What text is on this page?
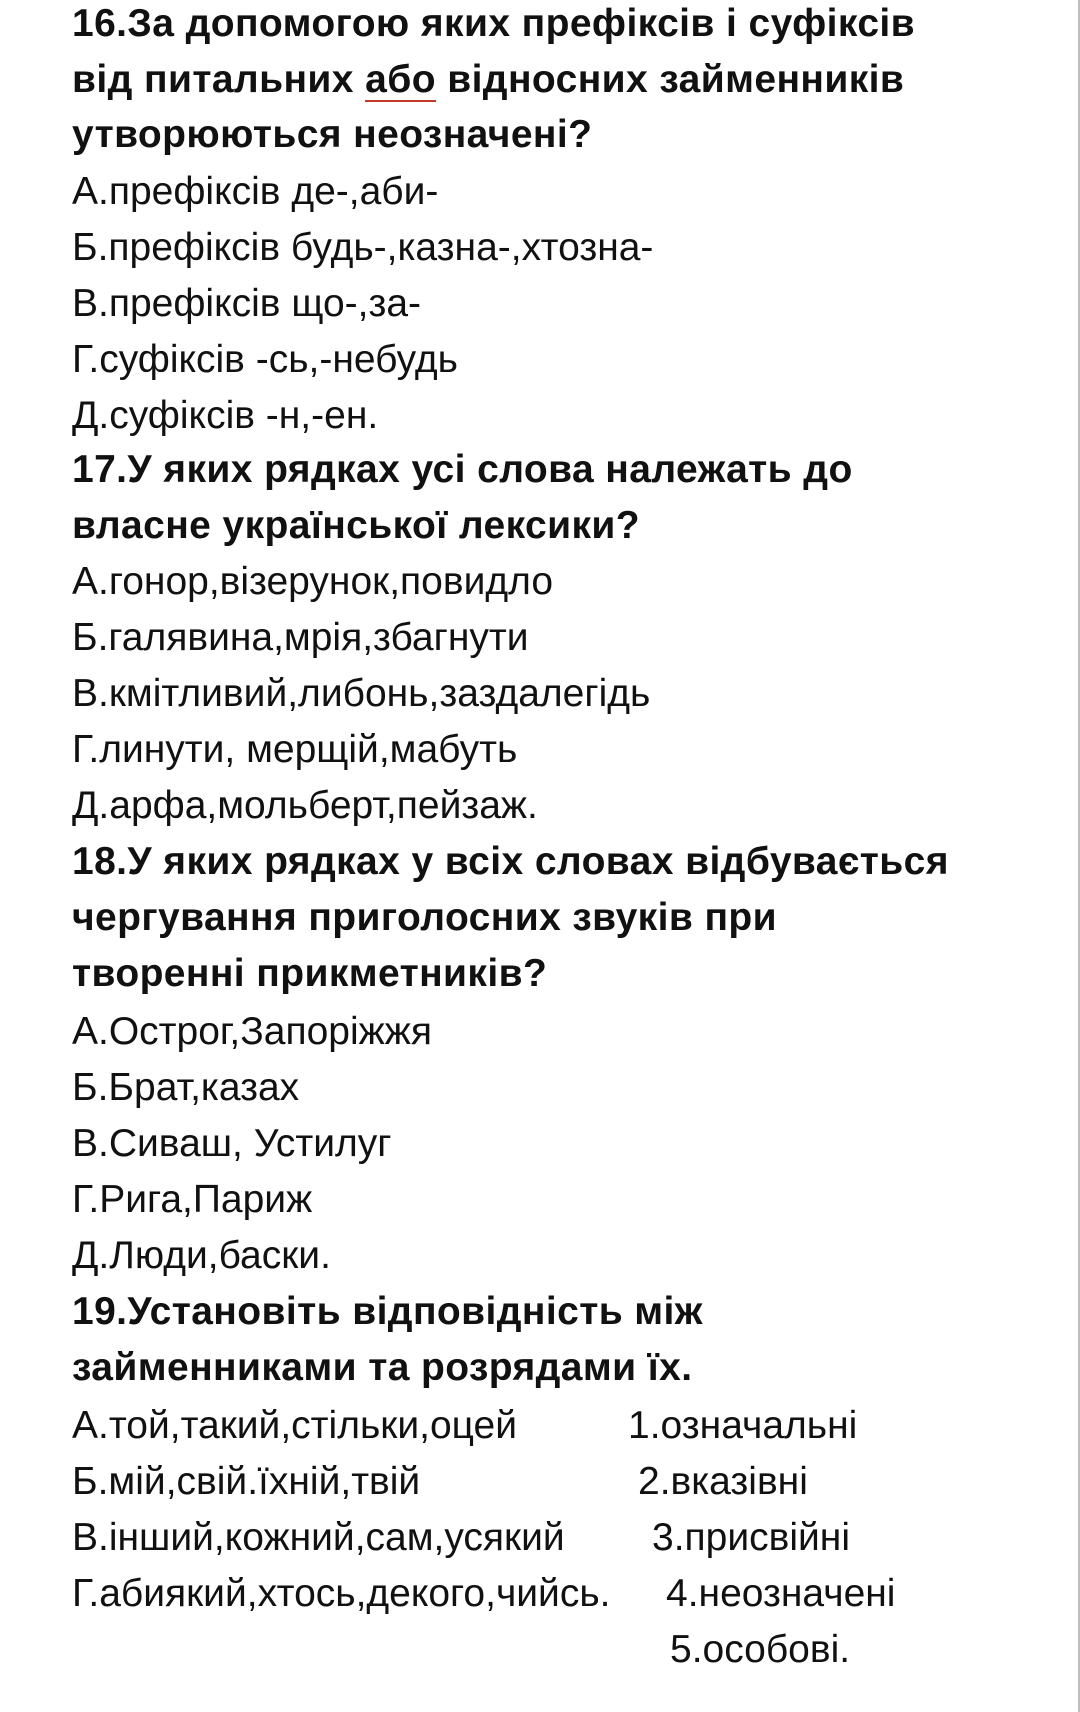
16.За допомогою яких префіксів і суфіксів
від питальних або відносних займенників
утворюються неозначені?
А.префіксів де-,аби-
Б.префіксів будь-,казна-,хтозна-
В.префіксів що-,за-
Г.суфіксів -сь,-небудь
Д.суфіксів -н,-ен.
17.У яких рядках усі слова належать до
власне української лексики?
А.гонор,візерунок,повидло
Б.галявина,мрія,збагнути
В.кмітливий,либонь,заздалегідь
Г.линути, мерщій,мабуть
Д.арфа,мольберт,пейзаж.
18.У яких рядках у всіх словах відбувається
чергування приголосних звуків при
творенні прикметників?
А.Острог,Запоріжжя
Б.Брат,казах
В.Сиваш, Устилуг
Г.Рига,Париж
Д.Люди,баски.
19.Установіть відповідність між
займенниками та розрядами їх.
А.той,такий,стільки,оцей	1.означальні
Б.мій,свій.їхній,твій	2.вказівні
В.інший,кожний,сам,усякий 3.присвійні
Г.абиякий,хтось,декого,чийсь. 4.неозначені
5.особові.
